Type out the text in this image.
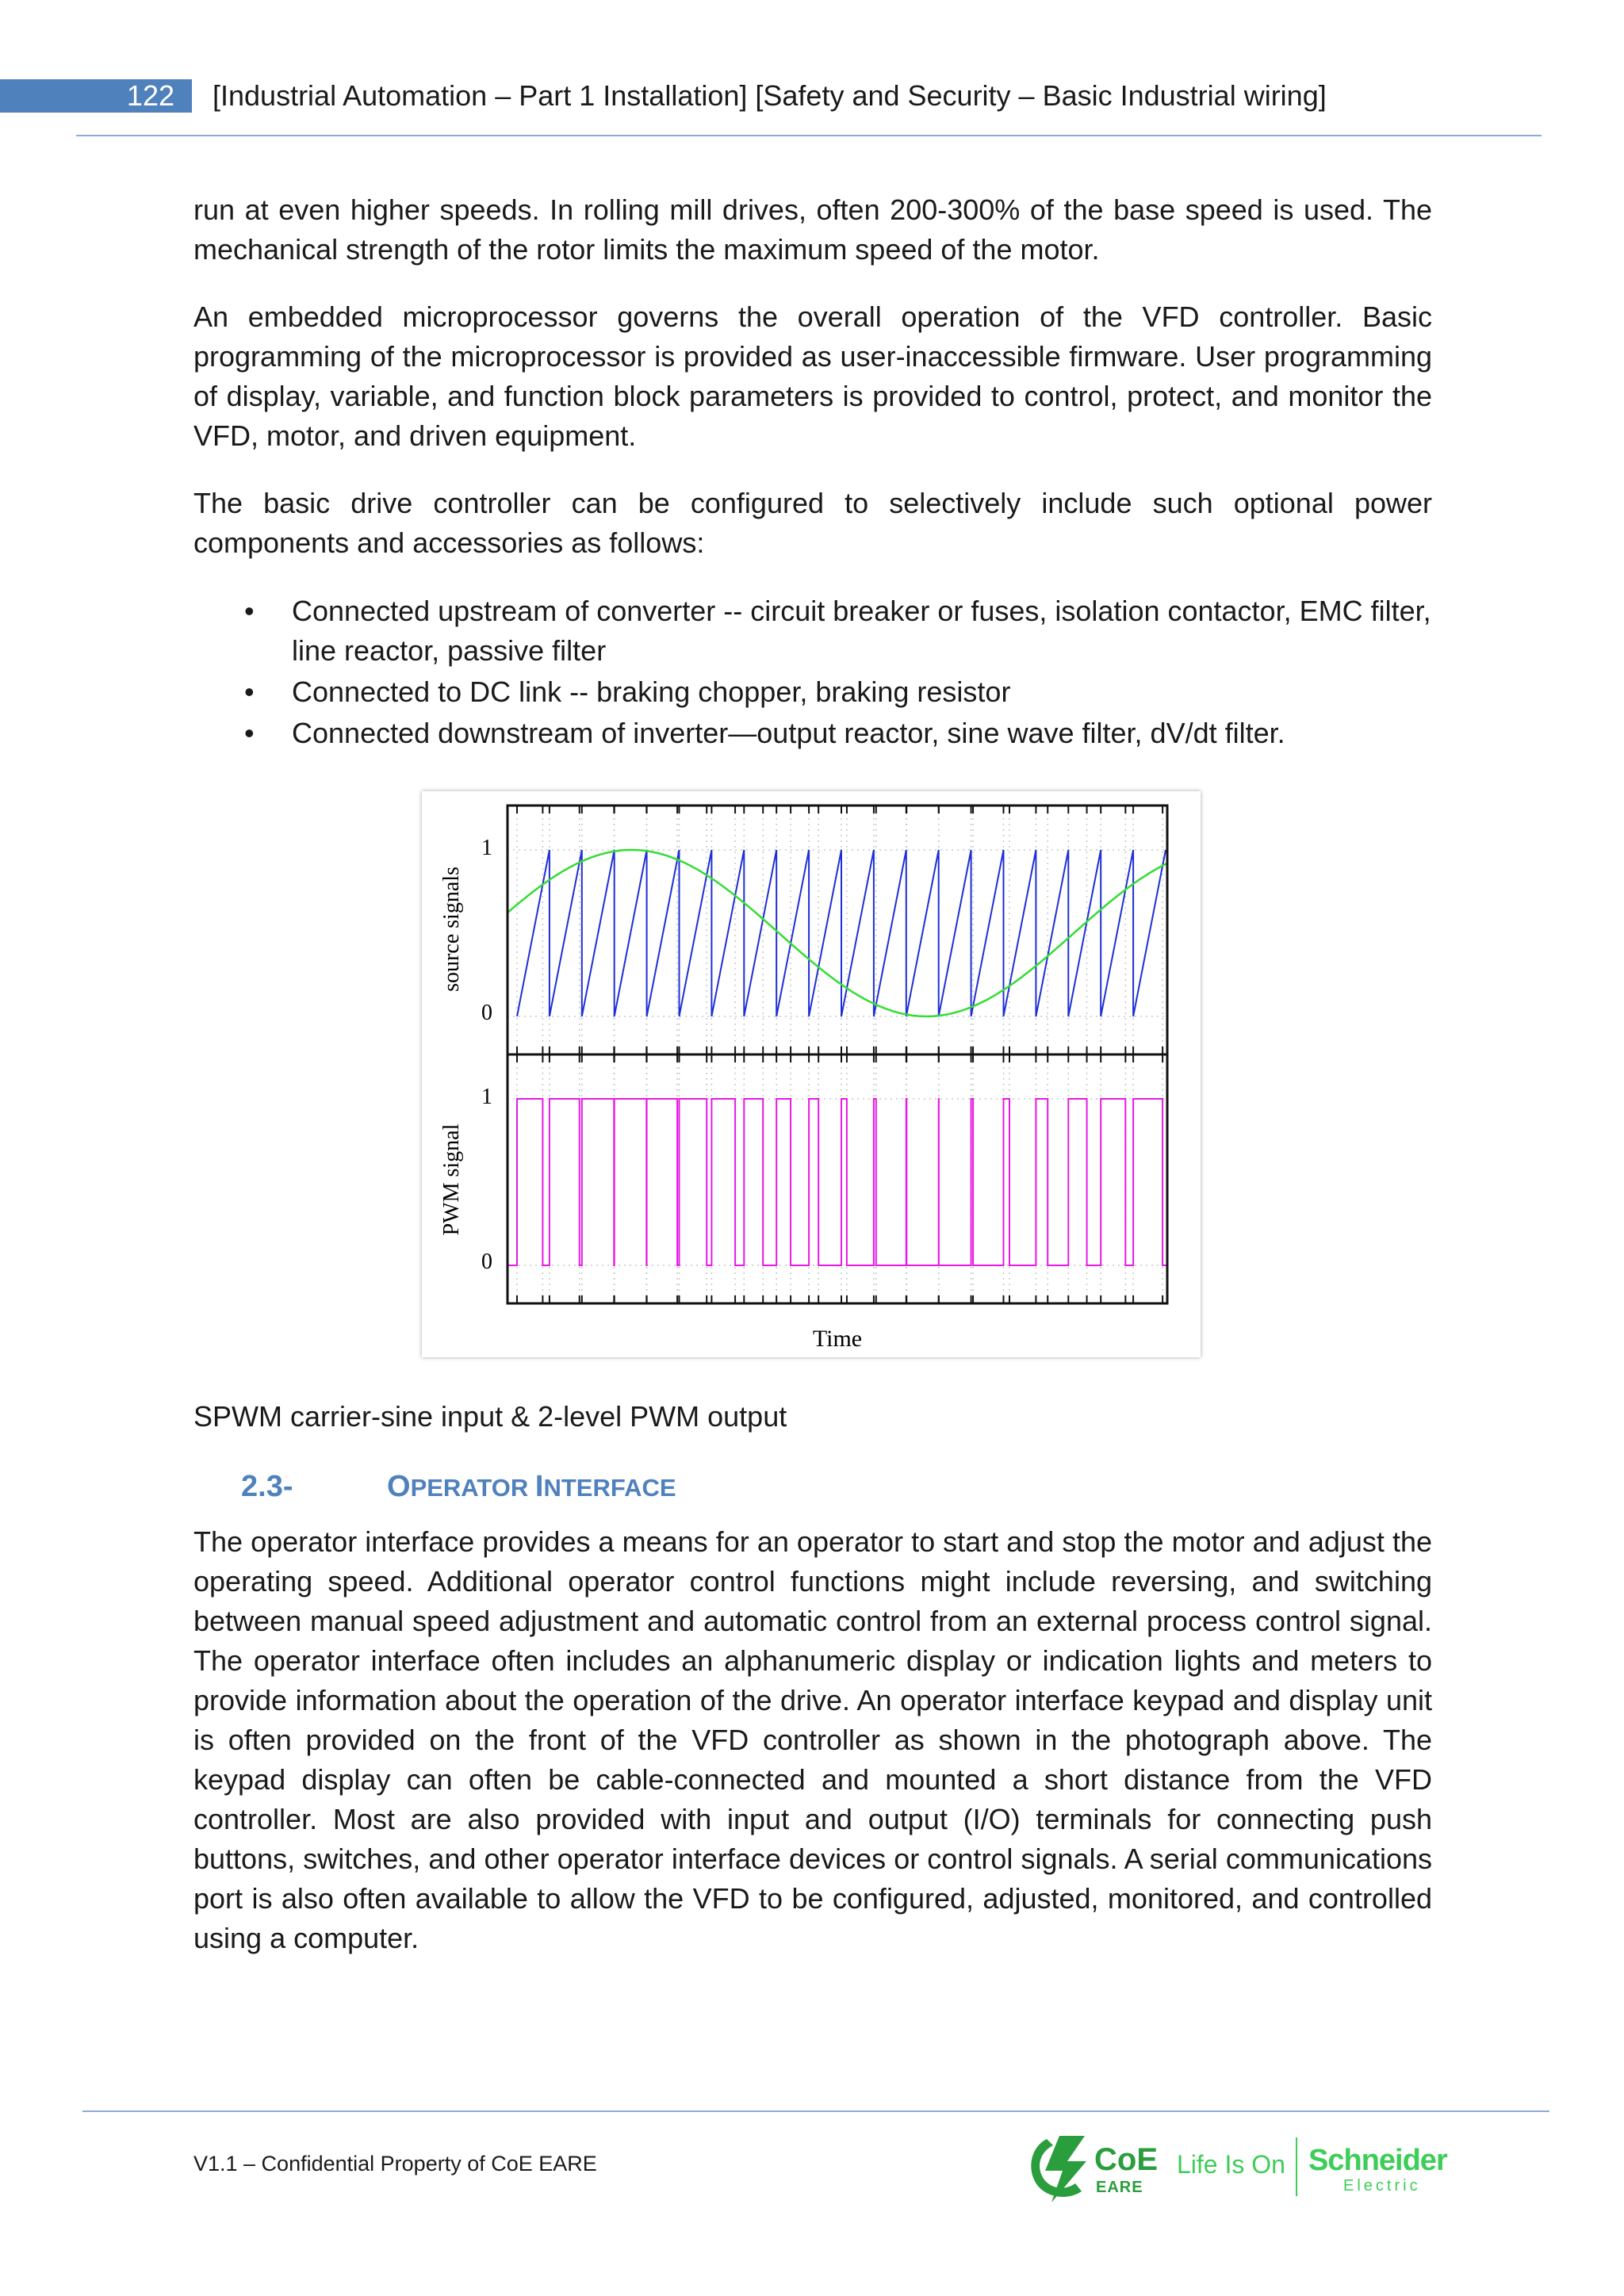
122	[Industrial Automation – Part 1 Installation] [Safety and Security – Basic Industrial wiring]

run at even higher speeds. In rolling mill drives, often 200-300% of the base speed is used. The mechanical strength of the rotor limits the maximum speed of the motor.

An embedded microprocessor governs the overall operation of the VFD controller. Basic programming of the microprocessor is provided as user-inaccessible firmware. User programming of display, variable, and function block parameters is provided to control, protect, and monitor the VFD, motor, and driven equipment.

The basic drive controller can be configured to selectively include such optional power components and accessories as follows:

• Connected upstream of converter -- circuit breaker or fuses, isolation contactor, EMC filter, line reactor, passive filter
• Connected to DC link -- braking chopper, braking resistor
• Connected downstream of inverter—output reactor, sine wave filter, dV/dt filter.
1
0
1
0
source signals
PWM signal
Time
SPWM carrier-sine input & 2-level PWM output
2.3-	OPERATOR INTERFACE

The operator interface provides a means for an operator to start and stop the motor and adjust the operating speed. Additional operator control functions might include reversing, and switching between manual speed adjustment and automatic control from an external process control signal. The operator interface often includes an alphanumeric display or indication lights and meters to provide information about the operation of the drive. An operator interface keypad and display unit is often provided on the front of the VFD controller as shown in the photograph above. The keypad display can often be cable-connected and mounted a short distance from the VFD controller. Most are also provided with input and output (I/O) terminals for connecting push buttons, switches, and other operator interface devices or control signals. A serial communications port is also often available to allow the VFD to be configured, adjusted, monitored, and controlled using a computer.

V1.1 – Confidential Property of CoE EARE	CoE
EARE
Life Is On Schneider
Electric
